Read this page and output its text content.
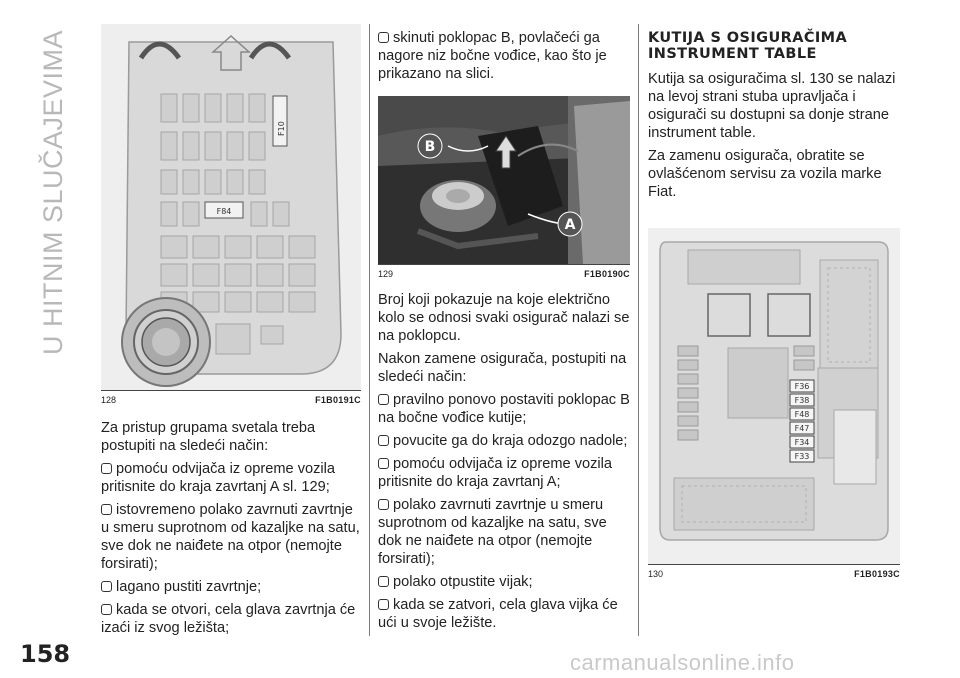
U HITNIM SLUČAJEVIMA	F84
F10
128	F1B0191C

Za pristup grupama svetala treba postupiti na sledeći način:

pomoću odvijača iz opreme vozila pritisnite do kraja zavrtanj A sl. 129;

istovremeno polako zavrnuti zavrtnje u smeru suprotnom od kazaljke na satu, sve dok ne naiđete na otpor (nemojte forsirati);

lagano pustiti zavrtnje;

kada se otvori, cela glava zavrtnja će izaći iz svog ležišta;

skinuti poklopac B, povlačeći ga nagore niz bočne vođice, kao što je prikazano na slici.

B
A
129	F1B0190C

Broj koji pokazuje na koje električno kolo se odnosi svaki osigurač nalazi se na poklopcu.

Nakon zamene osigurača, postupiti na sledeći način:

pravilno ponovo postaviti poklopac B na bočne vođice kutije;

povucite ga do kraja odozgo nadole;

pomoću odvijača iz opreme vozila pritisnite do kraja zavrtanj A;

polako zavrnuti zavrtnje u smeru suprotnom od kazaljke na satu, sve dok ne naiđete na otpor (nemojte forsirati);

polako otpustite vijak;

kada se zatvori, cela glava vijka će ući u svoje ležište.

KUTIJA S OSIGURAČIMA
INSTRUMENT TABLE

Kutija sa osiguračima sl. 130 se nalazi na levoj strani stuba upravljača i osigurači su dostupni sa donje strane instrument table.

Za zamenu osigurača, obratite se ovlašćenom servisu za vozila marke Fiat.

F36
F38
F48
F47
F34
F33
130	F1B0193C
158	carmanualsonline.info
